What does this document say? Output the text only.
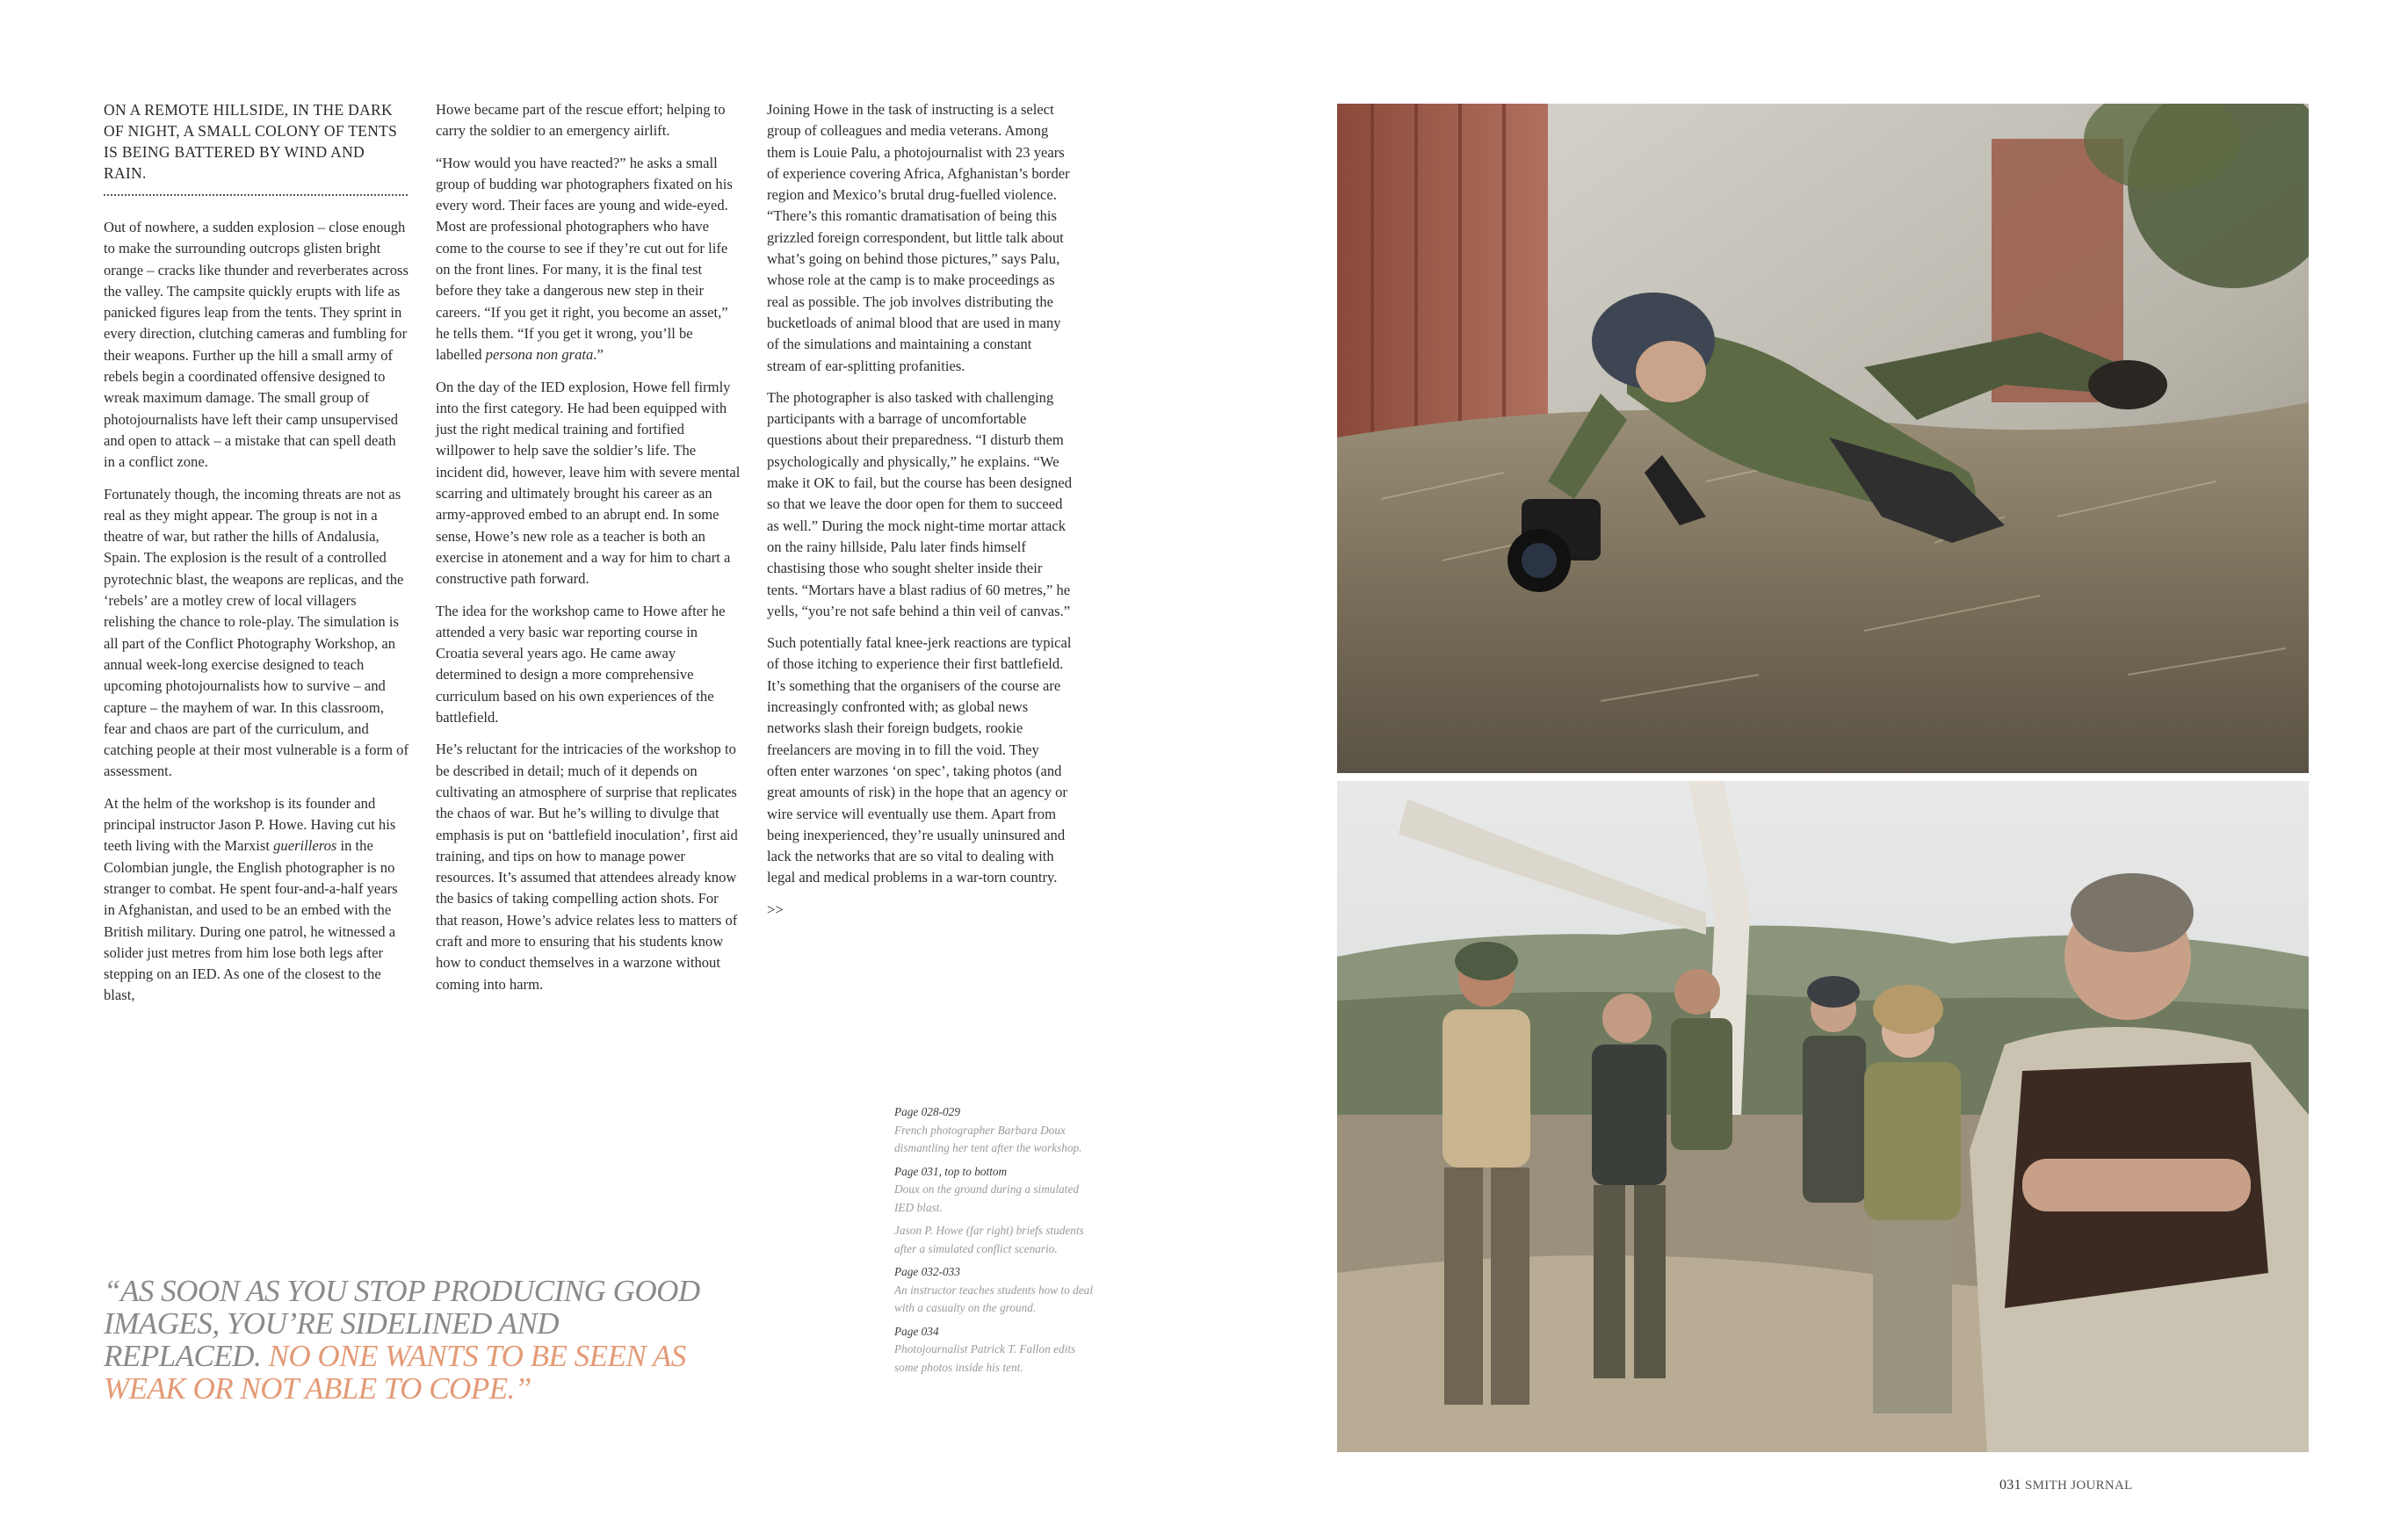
ON A REMOTE HILLSIDE, IN THE DARK OF NIGHT, A SMALL COLONY OF TENTS IS BEING BATTERED BY WIND AND RAIN.

Out of nowhere, a sudden explosion – close enough to make the surrounding outcrops glisten bright orange – cracks like thunder and reverberates across the valley. The campsite quickly erupts with life as panicked figures leap from the tents. They sprint in every direction, clutching cameras and fumbling for their weapons. Further up the hill a small army of rebels begin a coordinated offensive designed to wreak maximum damage. The small group of photojournalists have left their camp unsupervised and open to attack – a mistake that can spell death in a conflict zone.

Fortunately though, the incoming threats are not as real as they might appear. The group is not in a theatre of war, but rather the hills of Andalusia, Spain. The explosion is the result of a controlled pyrotechnic blast, the weapons are replicas, and the ‘rebels’ are a motley crew of local villagers relishing the chance to role-play. The simulation is all part of the Conflict Photography Workshop, an annual week-long exercise designed to teach upcoming photojournalists how to survive – and capture – the mayhem of war. In this classroom, fear and chaos are part of the curriculum, and catching people at their most vulnerable is a form of assessment.

At the helm of the workshop is its founder and principal instructor Jason P. Howe. Having cut his teeth living with the Marxist guerilleros in the Colombian jungle, the English photographer is no stranger to combat. He spent four-and-a-half years in Afghanistan, and used to be an embed with the British military. During one patrol, he witnessed a solider just metres from him lose both legs after stepping on an IED. As one of the closest to the blast,

Howe became part of the rescue effort; helping to carry the soldier to an emergency airlift.

“How would you have reacted?” he asks a small group of budding war photographers fixated on his every word. Their faces are young and wide-eyed. Most are professional photographers who have come to the course to see if they’re cut out for life on the front lines. For many, it is the final test before they take a dangerous new step in their careers. “If you get it right, you become an asset,” he tells them. “If you get it wrong, you’ll be labelled persona non grata.”

On the day of the IED explosion, Howe fell firmly into the first category. He had been equipped with just the right medical training and fortified willpower to help save the soldier’s life. The incident did, however, leave him with severe mental scarring and ultimately brought his career as an army-approved embed to an abrupt end. In some sense, Howe’s new role as a teacher is both an exercise in atonement and a way for him to chart a constructive path forward.

The idea for the workshop came to Howe after he attended a very basic war reporting course in Croatia several years ago. He came away determined to design a more comprehensive curriculum based on his own experiences of the battlefield.

He’s reluctant for the intricacies of the workshop to be described in detail; much of it depends on cultivating an atmosphere of surprise that replicates the chaos of war. But he’s willing to divulge that emphasis is put on ‘battlefield inoculation’, first aid training, and tips on how to manage power resources. It’s assumed that attendees already know the basics of taking compelling action shots. For that reason, Howe’s advice relates less to matters of craft and more to ensuring that his students know how to conduct themselves in a warzone without coming into harm.

Joining Howe in the task of instructing is a select group of colleagues and media veterans. Among them is Louie Palu, a photojournalist with 23 years of experience covering Africa, Afghanistan’s border region and Mexico’s brutal drug-fuelled violence. “There’s this romantic dramatisation of being this grizzled foreign correspondent, but little talk about what’s going on behind those pictures,” says Palu, whose role at the camp is to make proceedings as real as possible. The job involves distributing the bucketloads of animal blood that are used in many of the simulations and maintaining a constant stream of ear-splitting profanities.

The photographer is also tasked with challenging participants with a barrage of uncomfortable questions about their preparedness. “I disturb them psychologically and physically,” he explains. “We make it OK to fail, but the course has been designed so that we leave the door open for them to succeed as well.” During the mock night-time mortar attack on the rainy hillside, Palu later finds himself chastising those who sought shelter inside their tents. “Mortars have a blast radius of 60 metres,” he yells, “you’re not safe behind a thin veil of canvas.”

Such potentially fatal knee-jerk reactions are typical of those itching to experience their first battlefield. It’s something that the organisers of the course are increasingly confronted with; as global news networks slash their foreign budgets, rookie freelancers are moving in to fill the void. They often enter warzones ‘on spec’, taking photos (and great amounts of risk) in the hope that an agency or wire service will eventually use them. Apart from being inexperienced, they’re usually uninsured and lack the networks that are so vital to dealing with legal and medical problems in a war-torn country.

>>

“AS SOON AS YOU STOP PRODUCING GOOD IMAGES, YOU’RE SIDELINED AND REPLACED. NO ONE WANTS TO BE SEEN AS WEAK OR NOT ABLE TO COPE.”
Page 028-029
French photographer Barbara Doux dismantling her tent after the workshop.
Page 031, top to bottom
Doux on the ground during a simulated IED blast.
Jason P. Howe (far right) briefs students after a simulated conflict scenario.
Page 032-033
An instructor teaches students how to deal with a casualty on the ground.
Page 034
Photojournalist Patrick T. Fallon edits some photos inside his tent.
031 SMITH JOURNAL
